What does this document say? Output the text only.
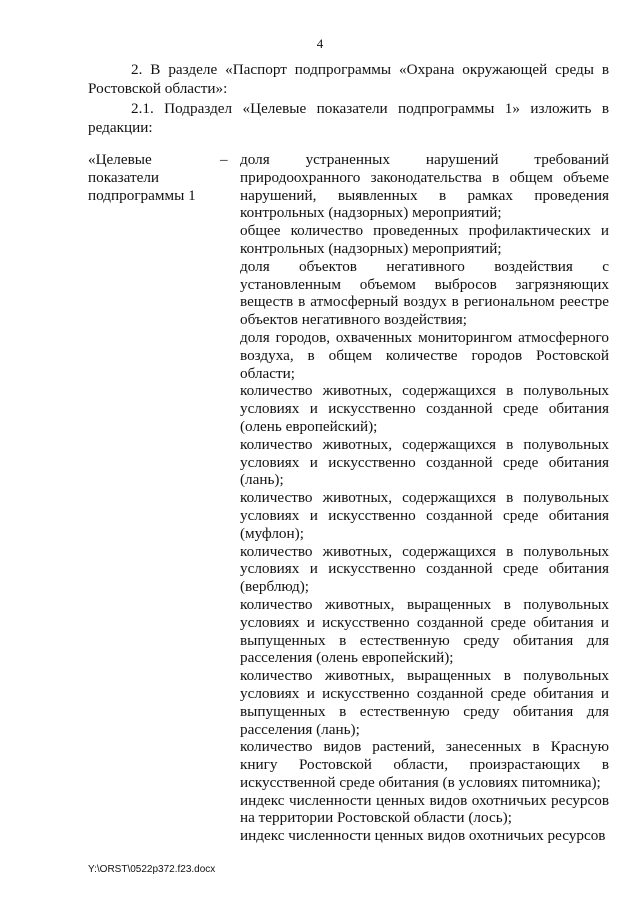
4

2. В разделе «Паспорт подпрограммы «Охрана окружающей среды в Ростовской области»:

2.1. Подраздел «Целевые показатели подпрограммы 1» изложить в редакции:

«Целевые показатели подпрограммы 1

– доля устраненных нарушений требований природоохранного законодательства в общем объеме нарушений, выявленных в рамках проведения контрольных (надзорных) мероприятий;
общее количество проведенных профилактических и контрольных (надзорных) мероприятий;
доля объектов негативного воздействия с установленным объемом выбросов загрязняющих веществ в атмосферный воздух в региональном реестре объектов негативного воздействия;
доля городов, охваченных мониторингом атмосферного воздуха, в общем количестве городов Ростовской области;
количество животных, содержащихся в полувольных условиях и искусственно созданной среде обитания (олень европейский);
количество животных, содержащихся в полувольных условиях и искусственно созданной среде обитания (лань);
количество животных, содержащихся в полувольных условиях и искусственно созданной среде обитания (муфлон);
количество животных, содержащихся в полувольных условиях и искусственно созданной среде обитания (верблюд);
количество животных, выращенных в полувольных условиях и искусственно созданной среде обитания и выпущенных в естественную среду обитания для расселения (олень европейский);
количество животных, выращенных в полувольных условиях и искусственно созданной среде обитания и выпущенных в естественную среду обитания для расселения (лань);
количество видов растений, занесенных в Красную книгу Ростовской области, произрастающих в искусственной среде обитания (в условиях питомника);
индекс численности ценных видов охотничьих ресурсов на территории Ростовской области (лось);
индекс численности ценных видов охотничьих ресурсов
Y:\ORST\0522p372.f23.docx
